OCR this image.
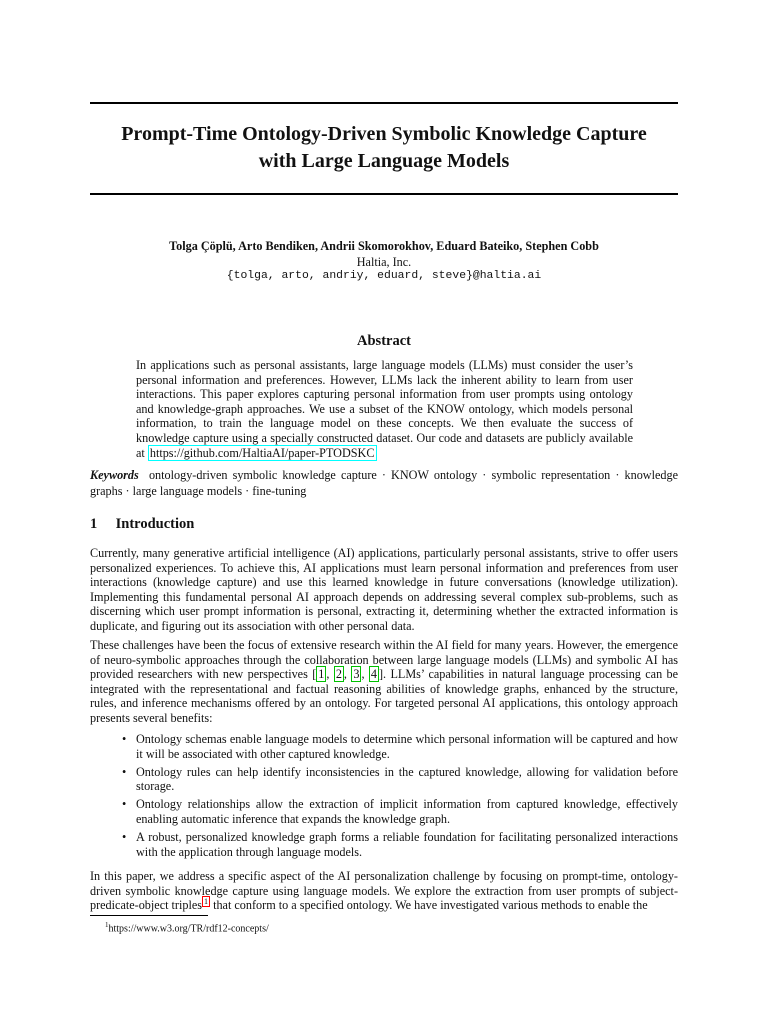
Prompt-Time Ontology-Driven Symbolic Knowledge Capture
with Large Language Models
Tolga Çöplü, Arto Bendiken, Andrii Skomorokhov, Eduard Bateiko, Stephen Cobb
Haltia, Inc.
{tolga, arto, andriy, eduard, steve}@haltia.ai
Abstract
In applications such as personal assistants, large language models (LLMs) must consider the user’s personal information and preferences. However, LLMs lack the inherent ability to learn from user interactions. This paper explores capturing personal information from user prompts using ontology and knowledge-graph approaches. We use a subset of the KNOW ontology, which models personal information, to train the language model on these concepts. We then evaluate the success of knowledge capture using a specially constructed dataset. Our code and datasets are publicly available at https://github.com/HaltiaAI/paper-PTODSKC
Keywords ontology-driven symbolic knowledge capture · KNOW ontology · symbolic representation · knowledge graphs · large language models · fine-tuning
1 Introduction

Currently, many generative artificial intelligence (AI) applications, particularly personal assistants, strive to offer users personalized experiences. To achieve this, AI applications must learn personal information and preferences from user interactions (knowledge capture) and use this learned knowledge in future conversations (knowledge utilization). Implementing this fundamental personal AI approach depends on addressing several complex sub-problems, such as discerning which user prompt information is personal, extracting it, determining whether the extracted information is duplicate, and figuring out its association with other personal data.

These challenges have been the focus of extensive research within the AI field for many years. However, the emergence of neuro-symbolic approaches through the collaboration between large language models (LLMs) and symbolic AI has provided researchers with new perspectives [ 1 , 2 , 3 , 4 ]. LLMs’ capabilities in natural language processing can be integrated with the representational and factual reasoning abilities of knowledge graphs, enhanced by the structure, rules, and inference mechanisms offered by an ontology. For targeted personal AI applications, this ontology approach presents several benefits:

• Ontology schemas enable language models to determine which personal information will be captured and how it will be associated with other captured knowledge.
• Ontology rules can help identify inconsistencies in the captured knowledge, allowing for validation before storage.
• Ontology relationships allow the extraction of implicit information from captured knowledge, effectively enabling automatic inference that expands the knowledge graph.
• A robust, personalized knowledge graph forms a reliable foundation for facilitating personalized interactions with the application through language models.

In this paper, we address a specific aspect of the AI personalization challenge by focusing on prompt-time, ontology-driven symbolic knowledge capture using language models. We explore the extraction from user prompts of subject-predicate-object triples $^1$ that conform to a specified ontology. We have investigated various methods to enable the

$^1$https://www.w3.org/TR/rdf12-concepts/
